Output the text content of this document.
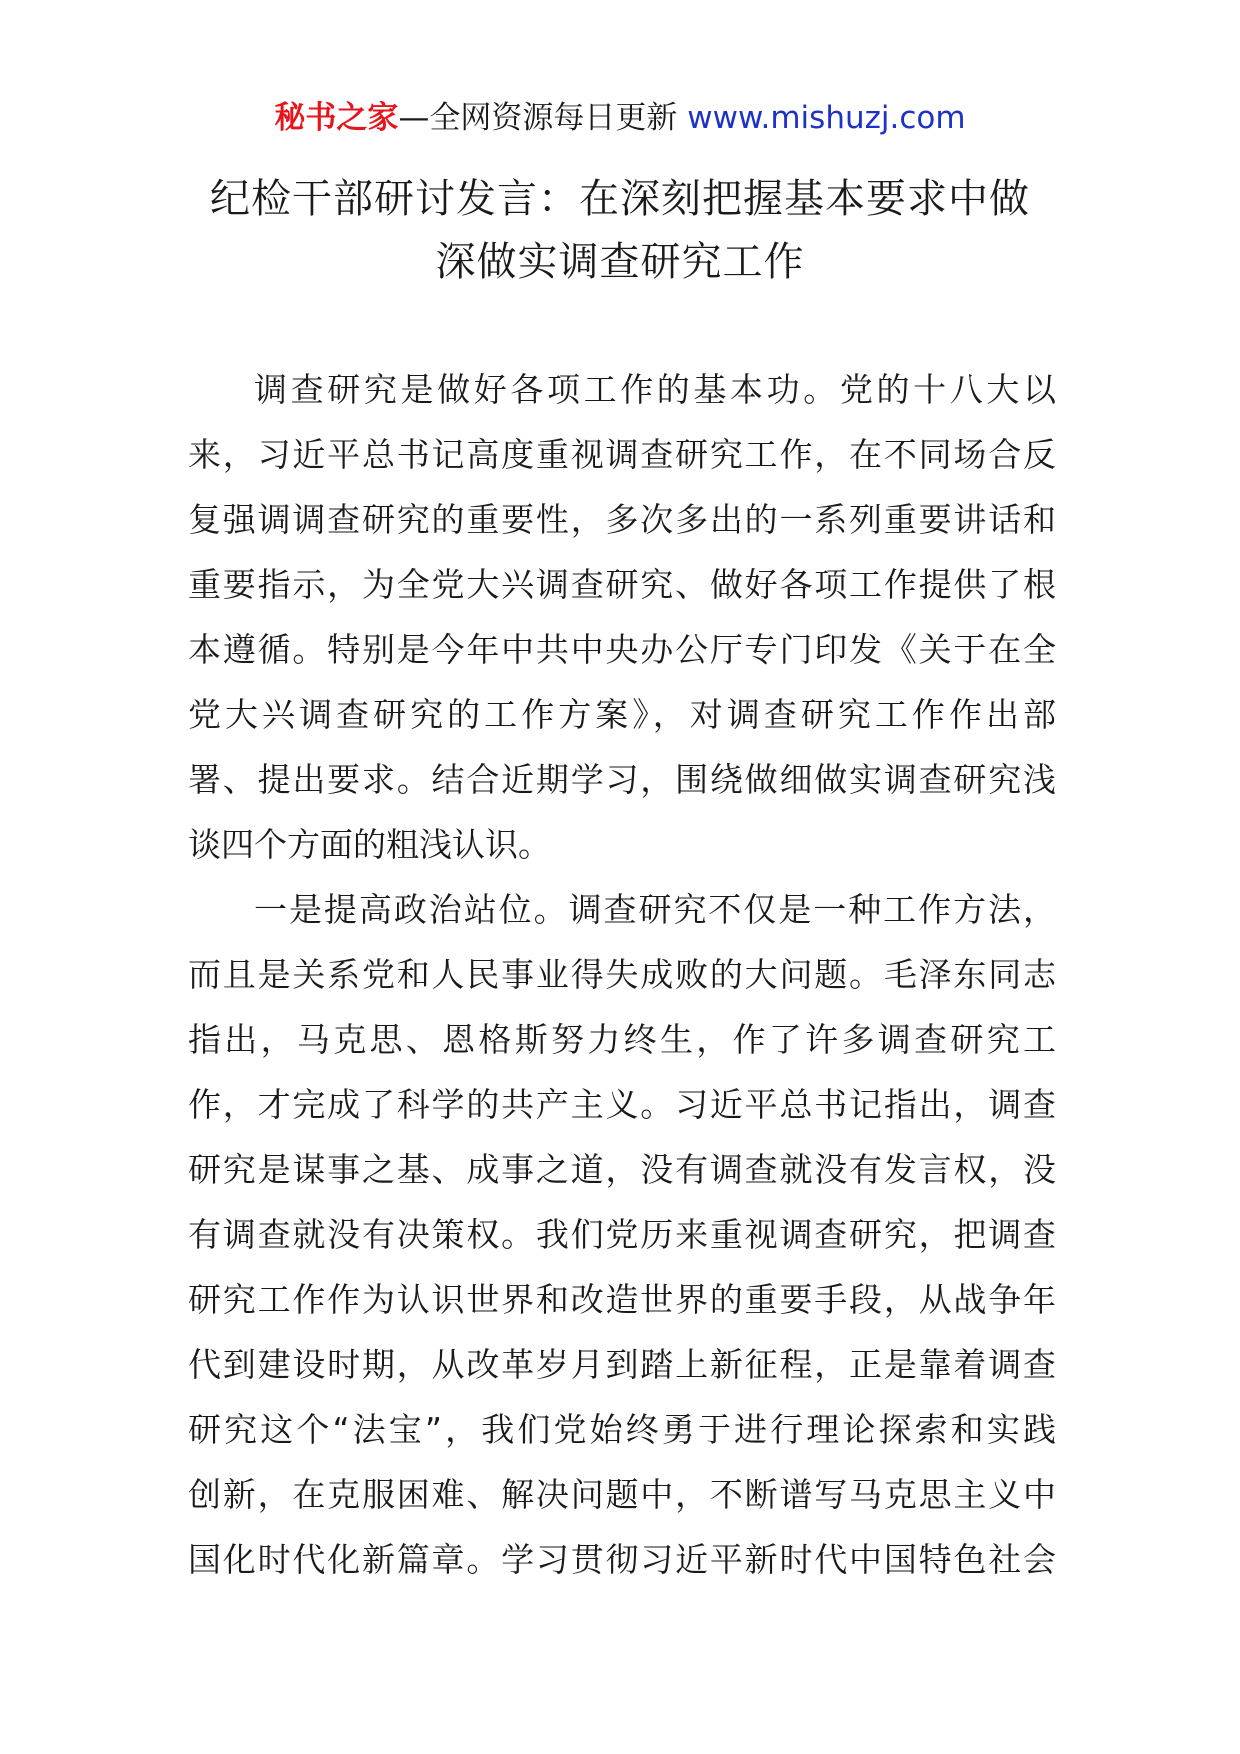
秘书之家—全网资源每日更新 www.mishuzj.com
纪检干部研讨发言：在深刻把握基本要求中做
深做实调查研究工作
调查研究是做好各项工作的基本功。党的十八大以
来，习近平总书记高度重视调查研究工作，在不同场合反
复强调调查研究的重要性，多次多出的一系列重要讲话和
重要指示，为全党大兴调查研究、做好各项工作提供了根
本遵循。特别是今年中共中央办公厅专门印发《关于在全
党大兴调查研究的工作方案》，对调查研究工作作出部
署、提出要求。结合近期学习，围绕做细做实调查研究浅
谈四个方面的粗浅认识。
一是提高政治站位。调查研究不仅是一种工作方法，
而且是关系党和人民事业得失成败的大问题。毛泽东同志
指出，马克思、恩格斯努力终生，作了许多调查研究工
作，才完成了科学的共产主义。习近平总书记指出，调查
研究是谋事之基、成事之道，没有调查就没有发言权，没
有调查就没有决策权。我们党历来重视调查研究，把调查
研究工作作为认识世界和改造世界的重要手段，从战争年
代到建设时期，从改革岁月到踏上新征程，正是靠着调查
研究这个“法宝”，我们党始终勇于进行理论探索和实践
创新，在克服困难、解决问题中，不断谱写马克思主义中
国化时代化新篇章。学习贯彻习近平新时代中国特色社会
